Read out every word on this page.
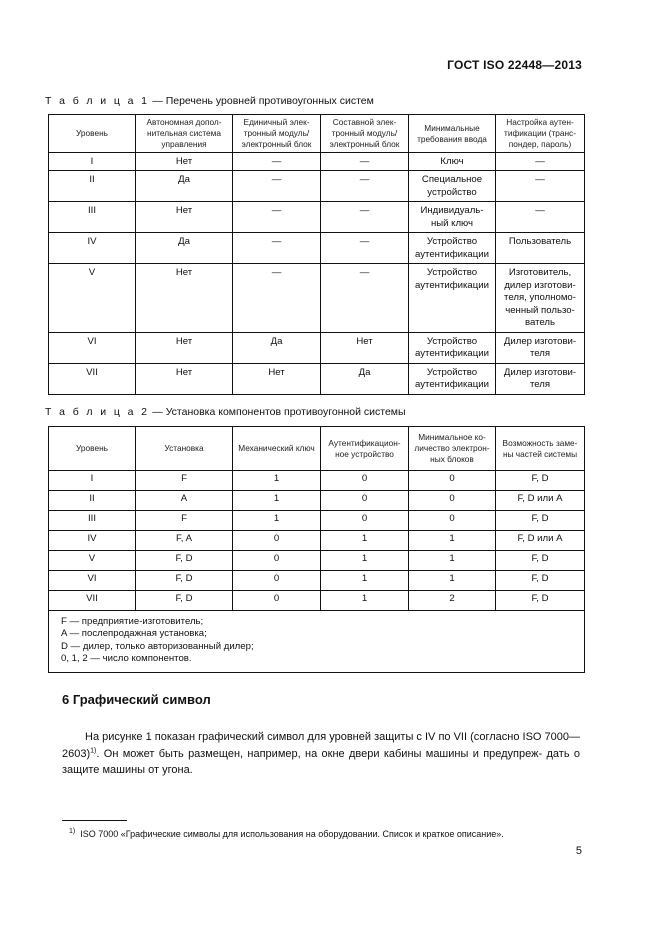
ГОСТ ISO 22448—2013
Т а б л и ц а 1 — Перечень уровней противоугонных систем
Уровень	Автономная допол- нительная система управления	Единичный элек- тронный модуль/ электронный блок	Составной элек- тронный модуль/ электронный блок	Минимальные требования ввода	Настройка аутен- тификации (транс- пондер, пароль)
I	Нет	—	—	Ключ	—
II	Да	—	—	Специальное устройство	—
III	Нет	—	—	Индивидуаль- ный ключ	—
IV	Да	—	—	Устройство аутентификации	Пользователь
V	Нет	—	—	Устройство аутентификации	Изготовитель, дилер изготови- теля, уполномо- ченный пользо- ватель
VI	Нет	Да	Нет	Устройство аутентификации	Дилер изготови- теля
VII	Нет	Нет	Да	Устройство аутентификации	Дилер изготови- теля
Т а б л и ц а 2 — Установка компонентов противоугонной системы
Уровень	Установка	Механический ключ	Аутентификацион- ное устройство	Минимальное ко- личество электрон- ных блоков	Возможность заме- ны частей системы
I	F	1	0	0	F, D
II	A	1	0	0	F, D или A
III	F	1	0	0	F, D
IV	F, A	0	1	1	F, D или A
V	F, D	0	1	1	F, D
VI	F, D	0	1	1	F, D
VII	F, D	0	1	2	F, D

F — предприятие-изготовитель;
A — послепродажная установка;
D — дилер, только авторизованный дилер;
0, 1, 2 — число компонентов.					
6 Графический символ

На рисунке 1 показан графический символ для уровней защиты с IV по VII (согласно ISO 7000—2603)$^{1)}$. Он может быть размещен, например, на окне двери кабины машины и предупреж- дать о защите машины от угона.

$^{1)}$ ISO 7000 «Графические символы для использования на оборудовании. Список и краткое описание».
5
